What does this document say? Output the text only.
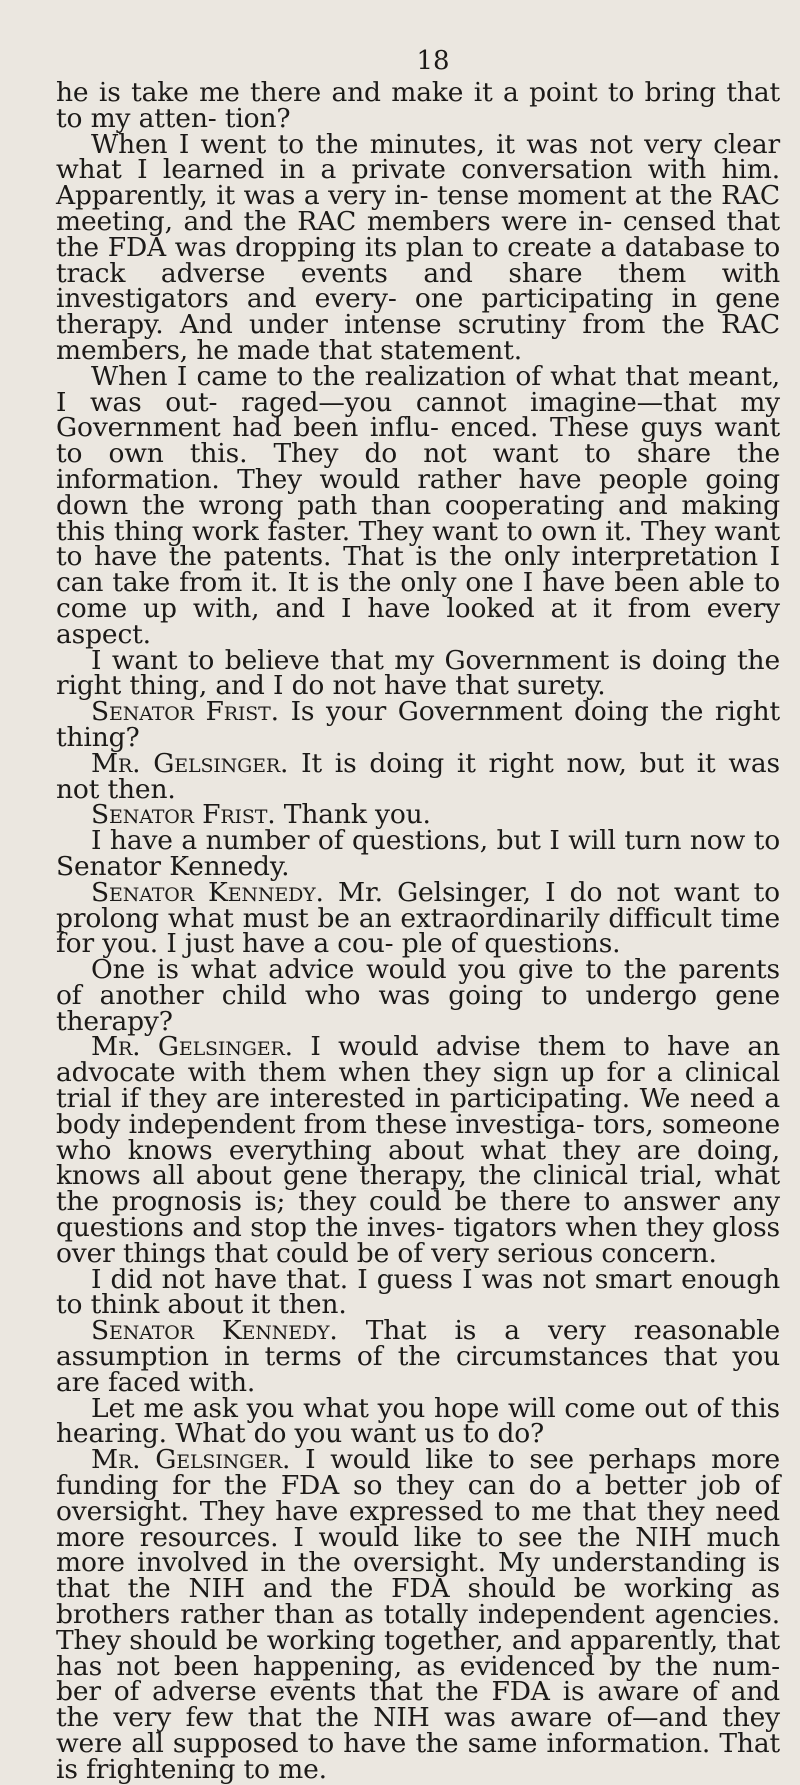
18

he is take me there and make it a point to bring that to my atten- tion?

When I went to the minutes, it was not very clear what I learned in a private conversation with him. Apparently, it was a very in- tense moment at the RAC meeting, and the RAC members were in- censed that the FDA was dropping its plan to create a database to track adverse events and share them with investigators and every- one participating in gene therapy. And under intense scrutiny from the RAC members, he made that statement.

When I came to the realization of what that meant, I was out- raged—you cannot imagine—that my Government had been influ- enced. These guys want to own this. They do not want to share the information. They would rather have people going down the wrong path than cooperating and making this thing work faster. They want to own it. They want to have the patents. That is the only interpretation I can take from it. It is the only one I have been able to come up with, and I have looked at it from every aspect.

I want to believe that my Government is doing the right thing, and I do not have that surety.

Senator Frist. Is your Government doing the right thing?

Mr. Gelsinger. It is doing it right now, but it was not then.

Senator Frist. Thank you.

I have a number of questions, but I will turn now to Senator Kennedy.

Senator Kennedy. Mr. Gelsinger, I do not want to prolong what must be an extraordinarily difficult time for you. I just have a cou- ple of questions.

One is what advice would you give to the parents of another child who was going to undergo gene therapy?

Mr. Gelsinger. I would advise them to have an advocate with them when they sign up for a clinical trial if they are interested in participating. We need a body independent from these investiga- tors, someone who knows everything about what they are doing, knows all about gene therapy, the clinical trial, what the prognosis is; they could be there to answer any questions and stop the inves- tigators when they gloss over things that could be of very serious concern.

I did not have that. I guess I was not smart enough to think about it then.

Senator Kennedy. That is a very reasonable assumption in terms of the circumstances that you are faced with.

Let me ask you what you hope will come out of this hearing. What do you want us to do?

Mr. Gelsinger. I would like to see perhaps more funding for the FDA so they can do a better job of oversight. They have expressed to me that they need more resources. I would like to see the NIH much more involved in the oversight. My understanding is that the NIH and the FDA should be working as brothers rather than as totally independent agencies. They should be working together, and apparently, that has not been happening, as evidenced by the num- ber of adverse events that the FDA is aware of and the very few that the NIH was aware of—and they were all supposed to have the same information. That is frightening to me.
